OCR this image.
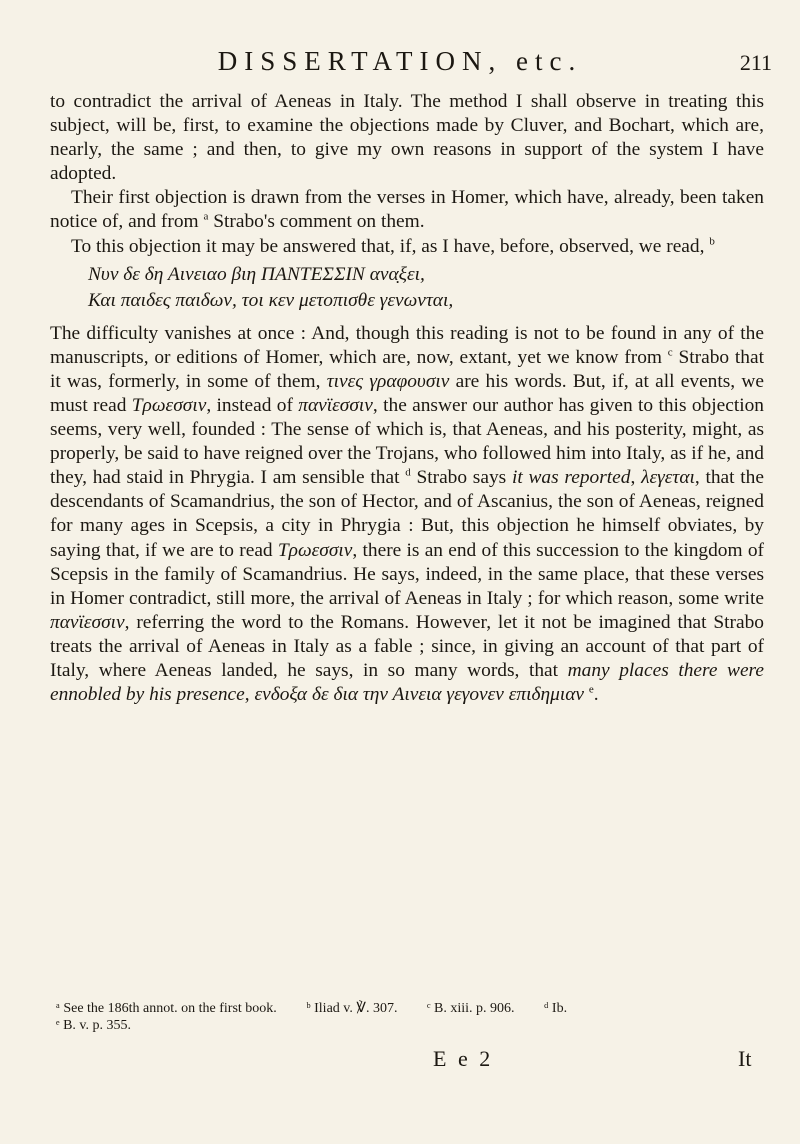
DISSERTATION, etc.	211

to contradict the arrival of Aeneas in Italy. The method I shall observe in treating this subject, will be, first, to examine the objections made by Cluver, and Bochart, which are, nearly, the same ; and then, to give my own reasons in support of the system I have adopted.

Their first objection is drawn from the verses in Homer, which have, already, been taken notice of, and from $^a$ Strabo's comment on them.

To this objection it may be answered that, if, as I have, before, observed, we read, $^b$

Νυν δε δη Αινειαο βιη ΠΑΝΤΕΣΣΙΝ ανα̣ξει,
Και παιδες παιδων, τοι κεν μετοπισθε γενωνται,

The difficulty vanishes at once : And, though this reading is not to be found in any of the manuscripts, or editions of Homer, which are, now, extant, yet we know from $^c$ Strabo that it was, formerly, in some of them, τινες γραφουσιν are his words. But, if, at all events, we must read Τρωεσσιν, instead of πανϊεσσιν, the answer our author has given to this objection seems, very well, founded : The sense of which is, that Aeneas, and his posterity, might, as properly, be said to have reigned over the Trojans, who followed him into Italy, as if he, and they, had staid in Phrygia. I am sensible that $^d$ Strabo says it was reported, λεγεται, that the descendants of Scamandrius, the son of Hector, and of Ascanius, the son of Aeneas, reigned for many ages in Scepsis, a city in Phrygia : But, this objection he himself obviates, by saying that, if we are to read Τρωεσσιν, there is an end of this succession to the kingdom of Scepsis in the family of Scamandrius. He says, indeed, in the same place, that these verses in Homer contradict, still more, the arrival of Aeneas in Italy ; for which reason, some write πανϊεσσιν, referring the word to the Romans. However, let it not be imagined that Strabo treats the arrival of Aeneas in Italy as a fable ; since, in giving an account of that part of Italy, where Aeneas landed, he says, in so many words, that many places there were ennobled by his presence, ενδοξα δε δια την Αινεια γεγονεν επιδημιαν $^e$.

ᵃ See the 186th annot. on the first book. ᵇ Iliad v. ℣. 307. ᶜ B. xiii. p. 906. ᵈ Ib.
ᵉ B. v. p. 355.
E e 2	It
